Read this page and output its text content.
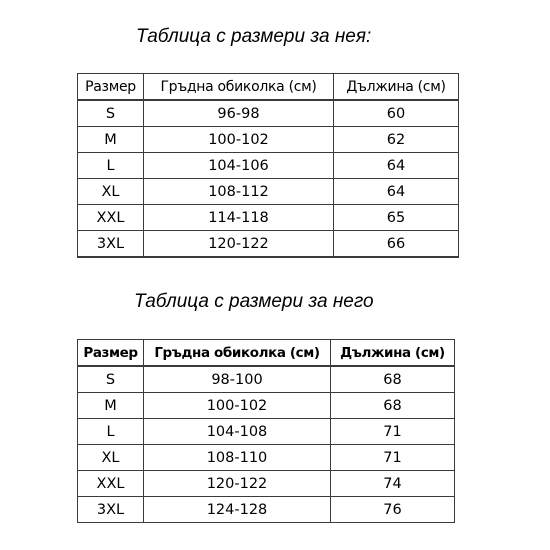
Таблица с размери за нея:
Размер	Гръдна обиколка (см)	Дължина (см)
S	96-98	60
M	100-102	62
L	104-106	64
XL	108-112	64
XXL	114-118	65
3XL	120-122	66
Таблица с размери за него
Размер	Гръдна обиколка (см)	Дължина (см)
S	98-100	68
M	100-102	68
L	104-108	71
XL	108-110	71
XXL	120-122	74
3XL	124-128	76
